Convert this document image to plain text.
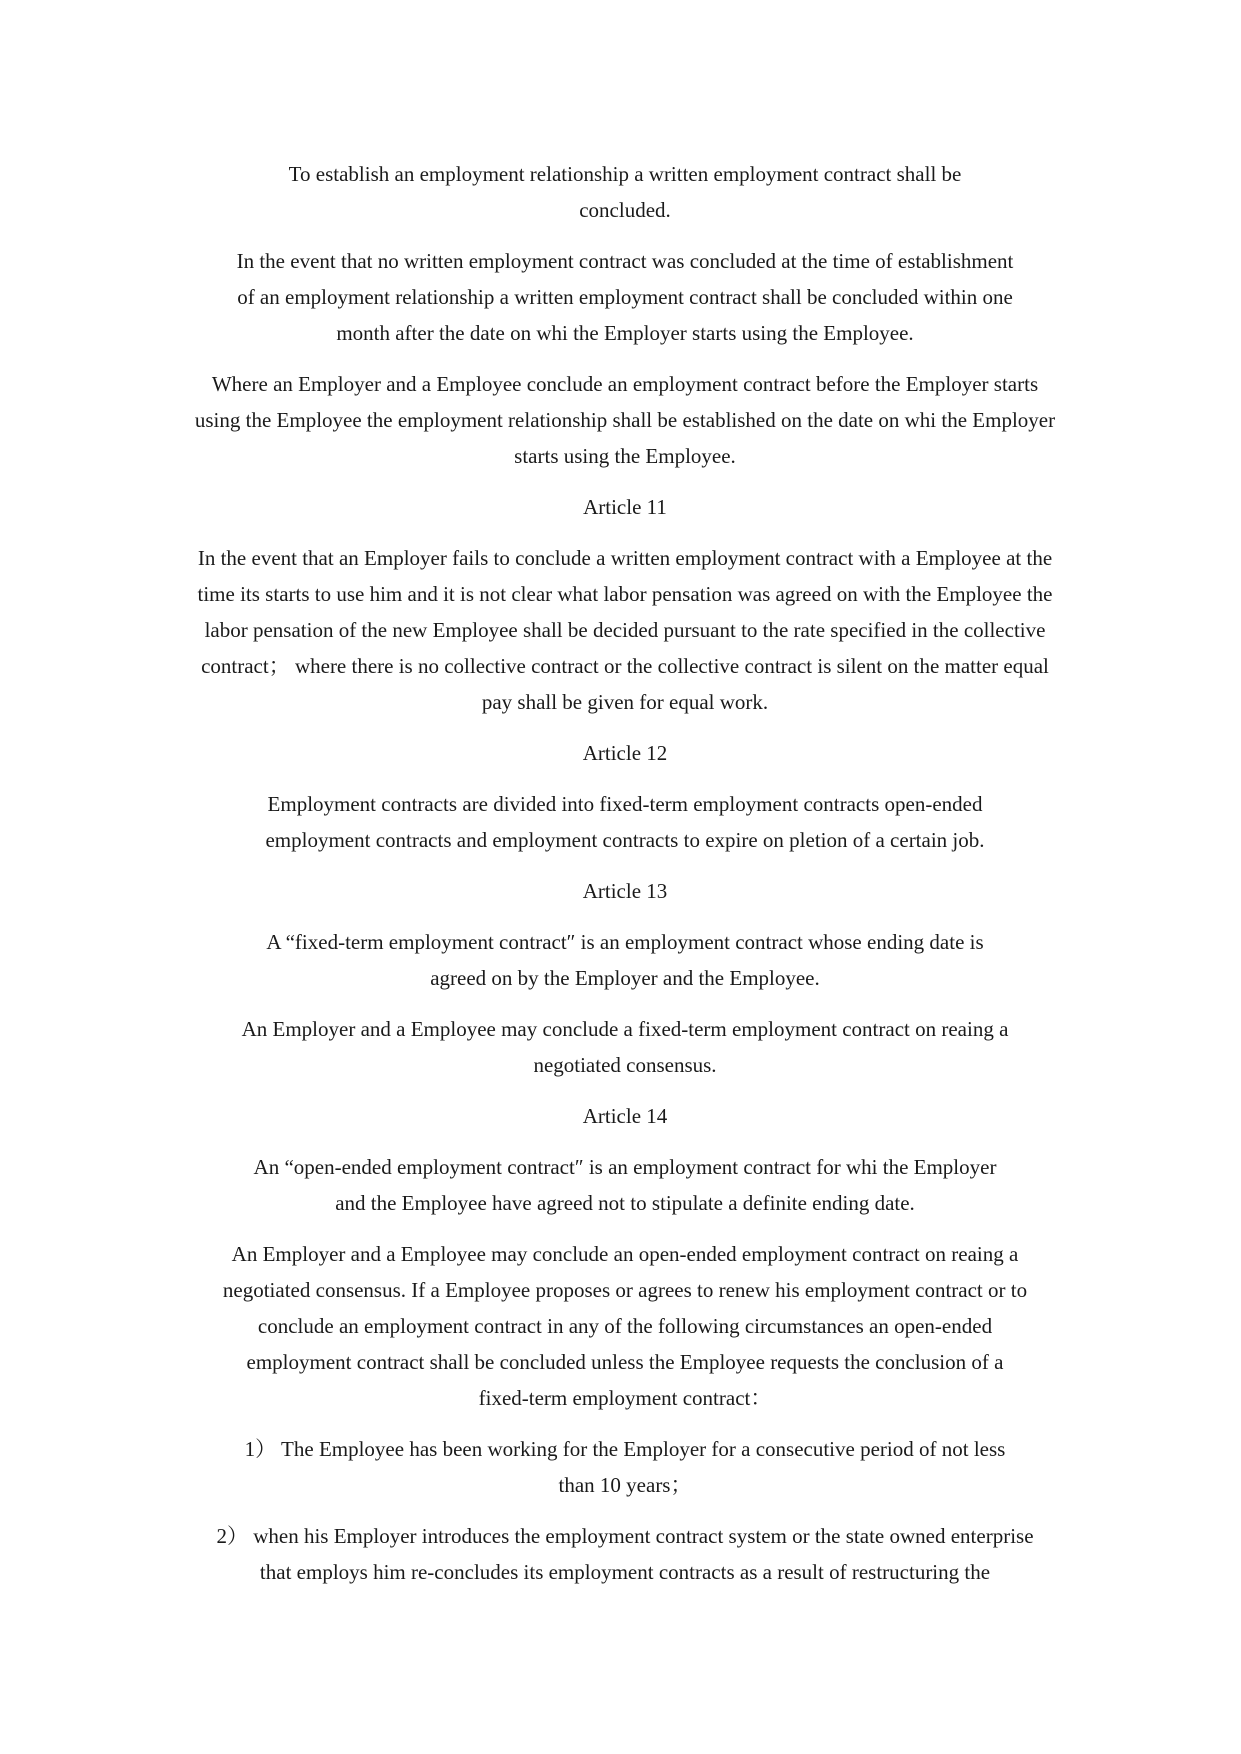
To establish an employment relationship a written employment contract shall be concluded.

In the event that no written employment contract was concluded at the time of establishment of an employment relationship a written employment contract shall be concluded within one month after the date on whi the Employer starts using the Employee.

Where an Employer and a Employee conclude an employment contract before the Employer starts using the Employee the employment relationship shall be established on the date on whi the Employer starts using the Employee.

Article 11

In the event that an Employer fails to conclude a written employment contract with a Employee at the time its starts to use him and it is not clear what labor pensation was agreed on with the Employee the labor pensation of the new Employee shall be decided pursuant to the rate specified in the collective contract； where there is no collective contract or the collective contract is silent on the matter equal pay shall be given for equal work.

Article 12

Employment contracts are divided into fixed-term employment contracts open-ended employment contracts and employment contracts to expire on pletion of a certain job.

Article 13

A “fixed-term employment contract″ is an employment contract whose ending date is agreed on by the Employer and the Employee.

An Employer and a Employee may conclude a fixed-term employment contract on reaing a negotiated consensus.

Article 14

An “open-ended employment contract″ is an employment contract for whi the Employer and the Employee have agreed not to stipulate a definite ending date.

An Employer and a Employee may conclude an open-ended employment contract on reaing a negotiated consensus. If a Employee proposes or agrees to renew his employment contract or to conclude an employment contract in any of the following circumstances an open-ended employment contract shall be concluded unless the Employee requests the conclusion of a fixed-term employment contract：

1） The Employee has been working for the Employer for a consecutive period of not less than 10 years；

2） when his Employer introduces the employment contract system or the state owned enterprise that employs him re-concludes its employment contracts as a result of restructuring the
